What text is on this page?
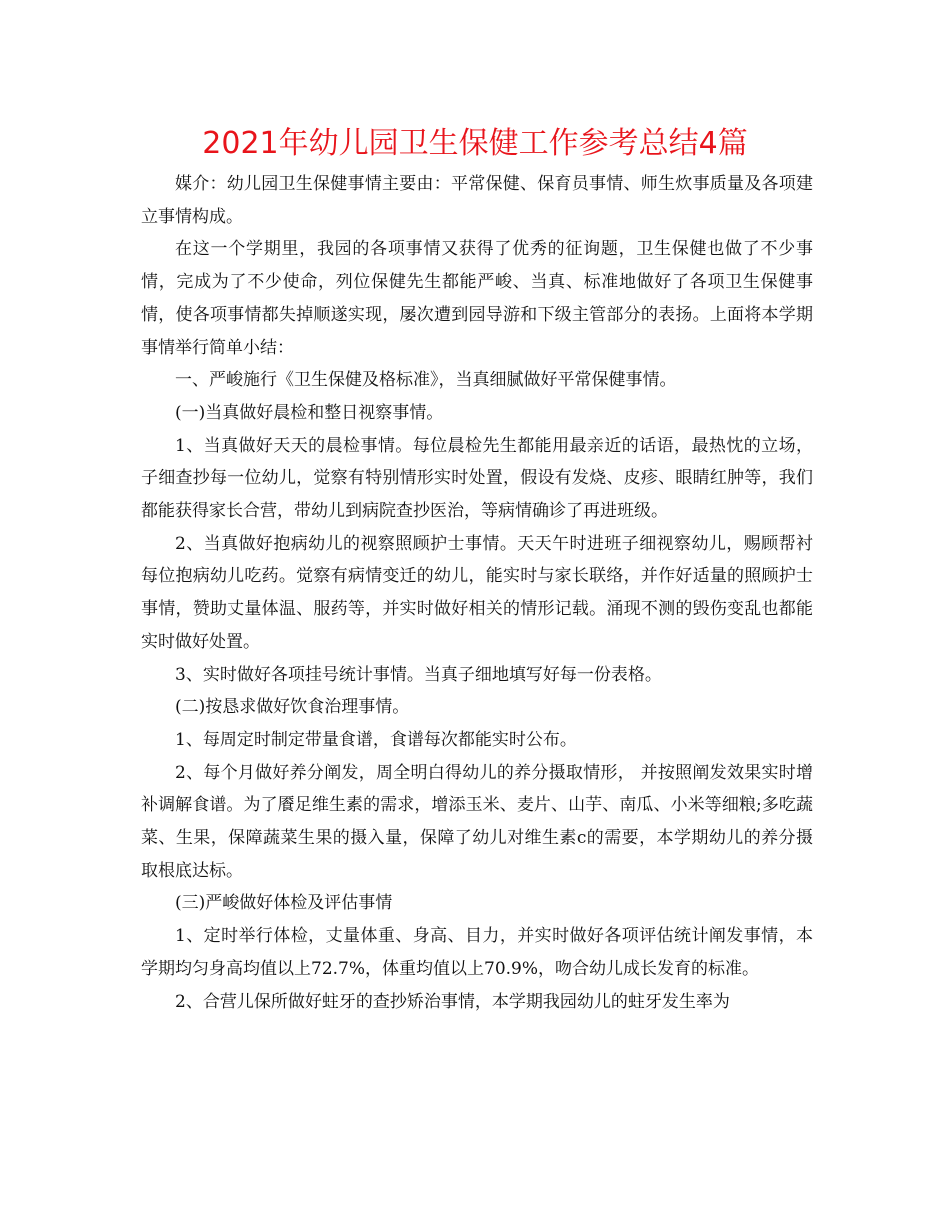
2021年幼儿园卫生保健工作参考总结4篇

媒介：幼儿园卫生保健事情主要由：平常保健、保育员事情、师生炊事质量及各项建立事情构成。

在这一个学期里，我园的各项事情又获得了优秀的征询题，卫生保健也做了不少事情，完成为了不少使命，列位保健先生都能严峻、当真、标准地做好了各项卫生保健事情，使各项事情都失掉顺遂实现，屡次遭到园导游和下级主管部分的表扬。上面将本学期事情举行简单小结：

一、严峻施行《卫生保健及格标准》，当真细腻做好平常保健事情。

(一)当真做好晨检和整日视察事情。

1、当真做好天天的晨检事情。每位晨检先生都能用最亲近的话语，最热忱的立场，子细查抄每一位幼儿，觉察有特别情形实时处置，假设有发烧、皮疹、眼睛红肿等，我们都能获得家长合营，带幼儿到病院查抄医治，等病情确诊了再进班级。

2、当真做好抱病幼儿的视察照顾护士事情。天天午时进班子细视察幼儿，赐顾帮衬每位抱病幼儿吃药。觉察有病情变迁的幼儿，能实时与家长联络，并作好适量的照顾护士事情，赞助丈量体温、服药等，并实时做好相关的情形记载。涌现不测的毁伤变乱也都能实时做好处置。

3、实时做好各项挂号统计事情。当真子细地填写好每一份表格。

(二)按恳求做好饮食治理事情。

1、每周定时制定带量食谱，食谱每次都能实时公布。

2、每个月做好养分阐发，周全明白得幼儿的养分摄取情形， 并按照阐发效果实时增补调解食谱。为了餍足维生素的需求，增添玉米、麦片、山芋、南瓜、小米等细粮;多吃蔬菜、生果，保障蔬菜生果的摄入量，保障了幼儿对维生素c的需要，本学期幼儿的养分摄取根底达标。

(三)严峻做好体检及评估事情

1、定时举行体检，丈量体重、身高、目力，并实时做好各项评估统计阐发事情，本学期均匀身高均值以上72.7%，体重均值以上70.9%，吻合幼儿成长发育的标准。

2、合营儿保所做好蛀牙的查抄矫治事情，本学期我园幼儿的蛀牙发生率为
